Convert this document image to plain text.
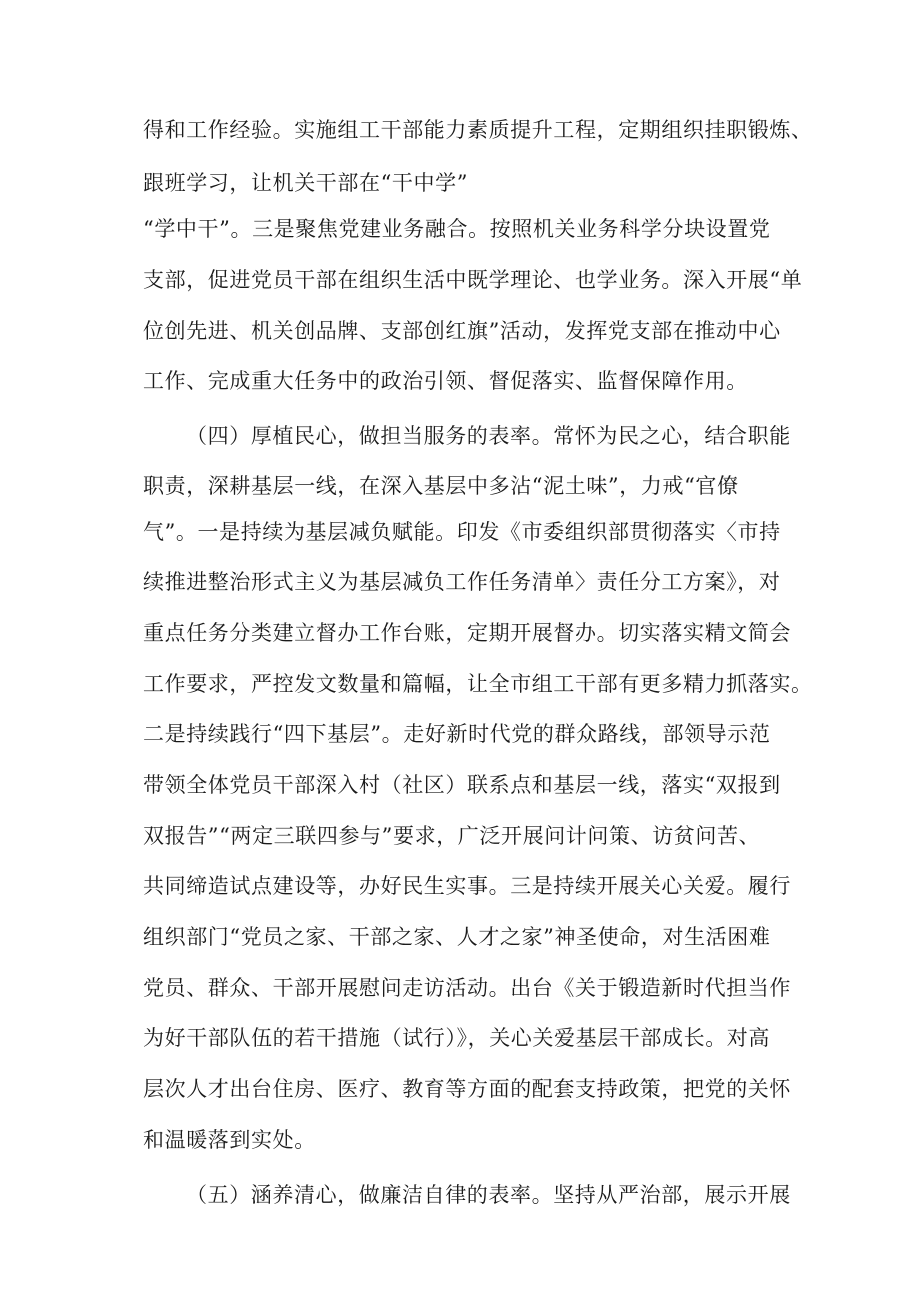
得和工作经验。实施组工干部能力素质提升工程，定期组织挂职锻炼、
跟班学习，让机关干部在“干中学”
“学中干”。三是聚焦党建业务融合。按照机关业务科学分块设置党
支部，促进党员干部在组织生活中既学理论、也学业务。深入开展“单
位创先进、机关创品牌、支部创红旗”活动，发挥党支部在推动中心
工作、完成重大任务中的政治引领、督促落实、监督保障作用。
（四）厚植民心，做担当服务的表率。常怀为民之心，结合职能
职责，深耕基层一线，在深入基层中多沾“泥土味”，力戒“官僚
气”。一是持续为基层减负赋能。印发《市委组织部贯彻落实〈市持
续推进整治形式主义为基层减负工作任务清单〉责任分工方案》，对
重点任务分类建立督办工作台账，定期开展督办。切实落实精文简会
工作要求，严控发文数量和篇幅，让全市组工干部有更多精力抓落实。
二是持续践行“四下基层”。走好新时代党的群众路线，部领导示范
带领全体党员干部深入村（社区）联系点和基层一线，落实“双报到
双报告”“两定三联四参与”要求，广泛开展问计问策、访贫问苦、
共同缔造试点建设等，办好民生实事。三是持续开展关心关爱。履行
组织部门“党员之家、干部之家、人才之家”神圣使命，对生活困难
党员、群众、干部开展慰问走访活动。出台《关于锻造新时代担当作
为好干部队伍的若干措施（试行）》，关心关爱基层干部成长。对高
层次人才出台住房、医疗、教育等方面的配套支持政策，把党的关怀
和温暖落到实处。
（五）涵养清心，做廉洁自律的表率。坚持从严治部，展示开展
